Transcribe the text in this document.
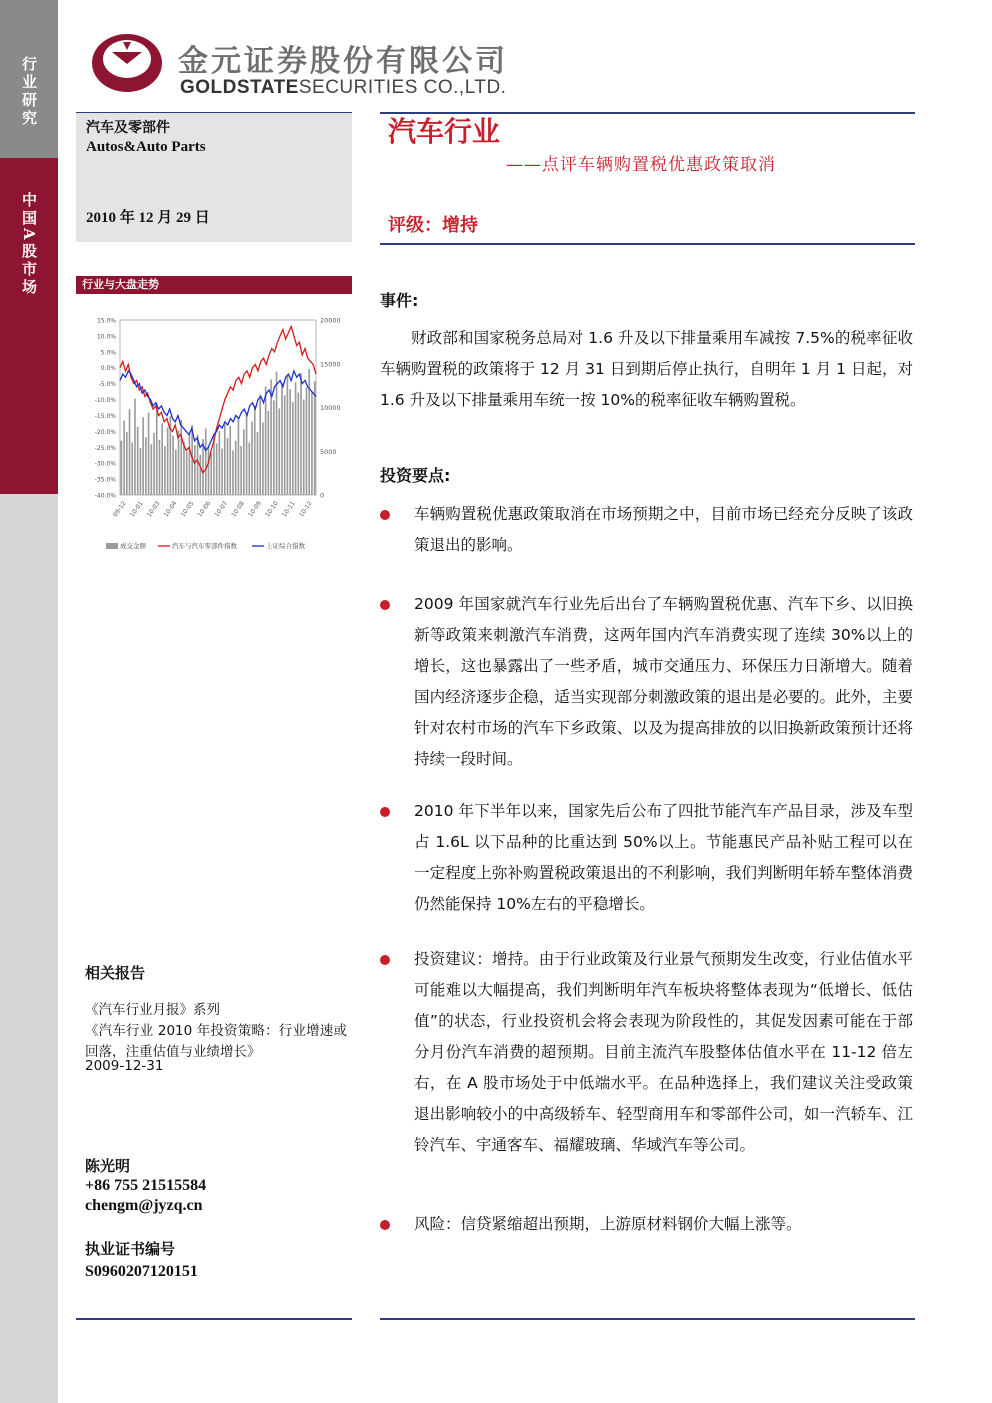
行业研究
中国A股市场
金元证券股份有限公司
GOLDSTATESECURITIES CO.,LTD.
汽车及零部件
Autos&Auto Parts
2010 年 12 月 29 日
汽车行业
——点评车辆购置税优惠政策取消
评级：增持
行业与大盘走势
15.0%
10.0%
5.0%
0.0%
-5.0%
-10.0%
-15.0%
-20.0%
-25.0%
-30.0%
-35.0%
-40.0%
20000
15000
10000
5000
0
09-12 10-01 10-03 10-04 10-05 10-06 10-07 10-08 10-09 10-10 10-11 10-12
成交金额	汽车与汽车零部件指数	上证综合指数
事件:
财政部和国家税务总局对 1.6 升及以下排量乘用车减按 7.5%的税率征收车辆购置税的政策将于 12 月 31 日到期后停止执行，自明年 1 月 1 日起，对 1.6 升及以下排量乘用车统一按 10%的税率征收车辆购置税。
投资要点:
车辆购置税优惠政策取消在市场预期之中，目前市场已经充分反映了该政策退出的影响。
2009 年国家就汽车行业先后出台了车辆购置税优惠、汽车下乡、以旧换新等政策来刺激汽车消费，这两年国内汽车消费实现了连续 30%以上的增长，这也暴露出了一些矛盾，城市交通压力、环保压力日渐增大。随着国内经济逐步企稳，适当实现部分刺激政策的退出是必要的。此外，主要针对农村市场的汽车下乡政策、以及为提高排放的以旧换新政策预计还将持续一段时间。
2010 年下半年以来，国家先后公布了四批节能汽车产品目录，涉及车型占 1.6L 以下品种的比重达到 50%以上。节能惠民产品补贴工程可以在一定程度上弥补购置税政策退出的不利影响，我们判断明年轿车整体消费仍然能保持 10%左右的平稳增长。
投资建议：增持。由于行业政策及行业景气预期发生改变，行业估值水平可能难以大幅提高，我们判断明年汽车板块将整体表现为“低增长、低估值”的状态，行业投资机会将会表现为阶段性的，其促发因素可能在于部分月份汽车消费的超预期。目前主流汽车股整体估值水平在 11-12 倍左右，在 A 股市场处于中低端水平。在品种选择上，我们建议关注受政策退出影响较小的中高级轿车、轻型商用车和零部件公司，如一汽轿车、江铃汽车、宇通客车、福耀玻璃、华域汽车等公司。
风险：信贷紧缩超出预期，上游原材料钢价大幅上涨等。
相关报告
《汽车行业月报》系列
《汽车行业 2010 年投资策略：行业增速或回落，注重估值与业绩增长》
2009-12-31
陈光明
+86 755 21515584
chengm@jyzq.cn
执业证书编号
S0960207120151
